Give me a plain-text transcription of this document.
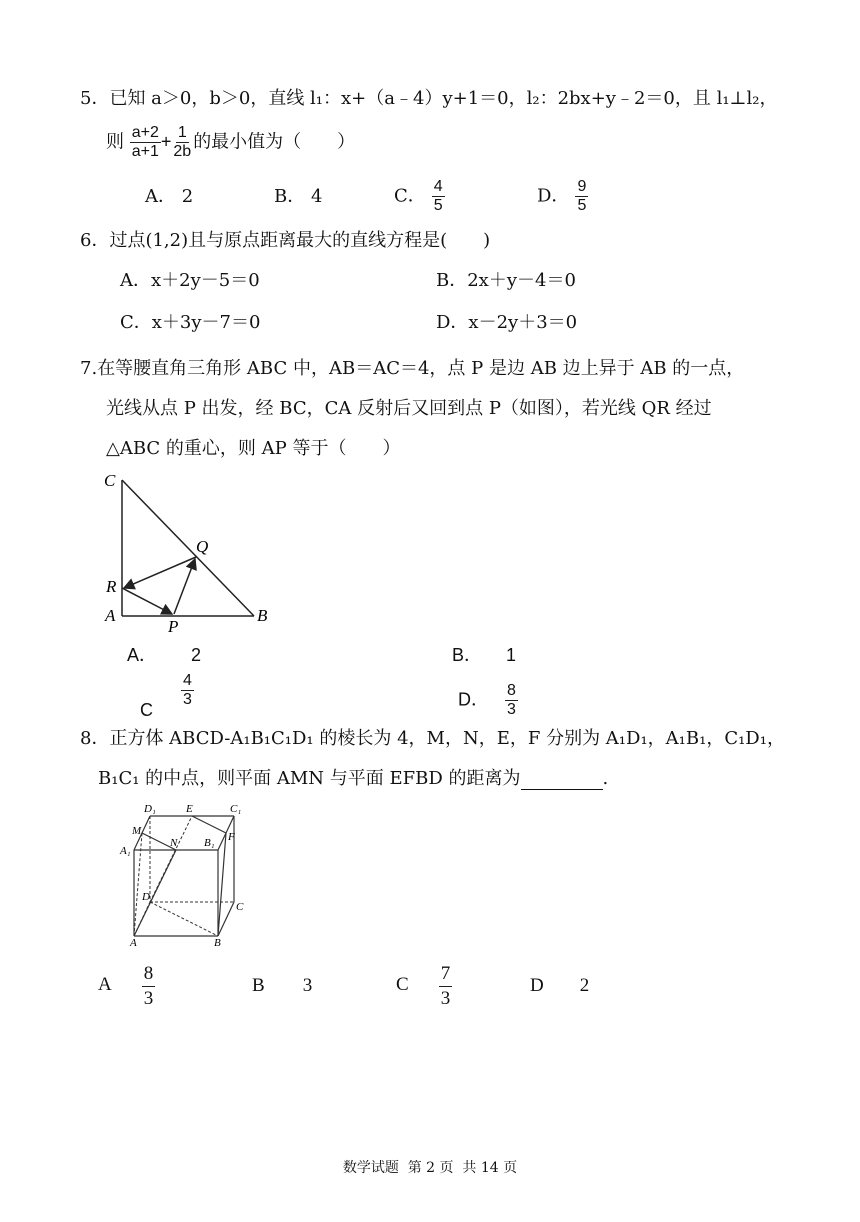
5．已知 a＞0，b＞0，直线 l₁：x+（a﹣4）y+1＝0，l₂：2bx+y﹣2＝0，且 l₁⊥l₂，
则 $\frac{a+2}{a+1} + \frac{1}{2b}$ 的最小值为（　　）
A． 2	B． 4	C． $\frac{4}{5}$	D． $\frac{9}{5}$
6．过点(1,2)且与原点距离最大的直线方程是(　　)
A．x＋2y－5＝0	B．2x＋y－4＝0
C．x＋3y－7＝0	D．x－2y＋3＝0
7.在等腰直角三角形 ABC 中，AB＝AC＝4，点 P 是边 AB 边上异于 AB 的一点，
光线从点 P 出发，经 BC，CA 反射后又回到点 P（如图），若光线 QR 经过
△ABC 的重心，则 AP 等于（　　）
C
Q
R
A
P
B
A． 2	B． 1
C
$\frac{4}{3}$	D． $\frac{8}{3}$
8．正方体 ABCD-A₁B₁C₁D₁ 的棱长为 4，M，N，E，F 分别为 A₁D₁，A₁B₁，C₁D₁，
B₁C₁ 的中点，则平面 AMN 与平面 EFBD 的距离为	.
D₁	E	C₁
M
N
A₁
B₁ F
D
C
A	B
A $\frac{8}{3}$	B 3	C $\frac{7}{3}$	D 2
数学试题  第 2 页  共 14 页
